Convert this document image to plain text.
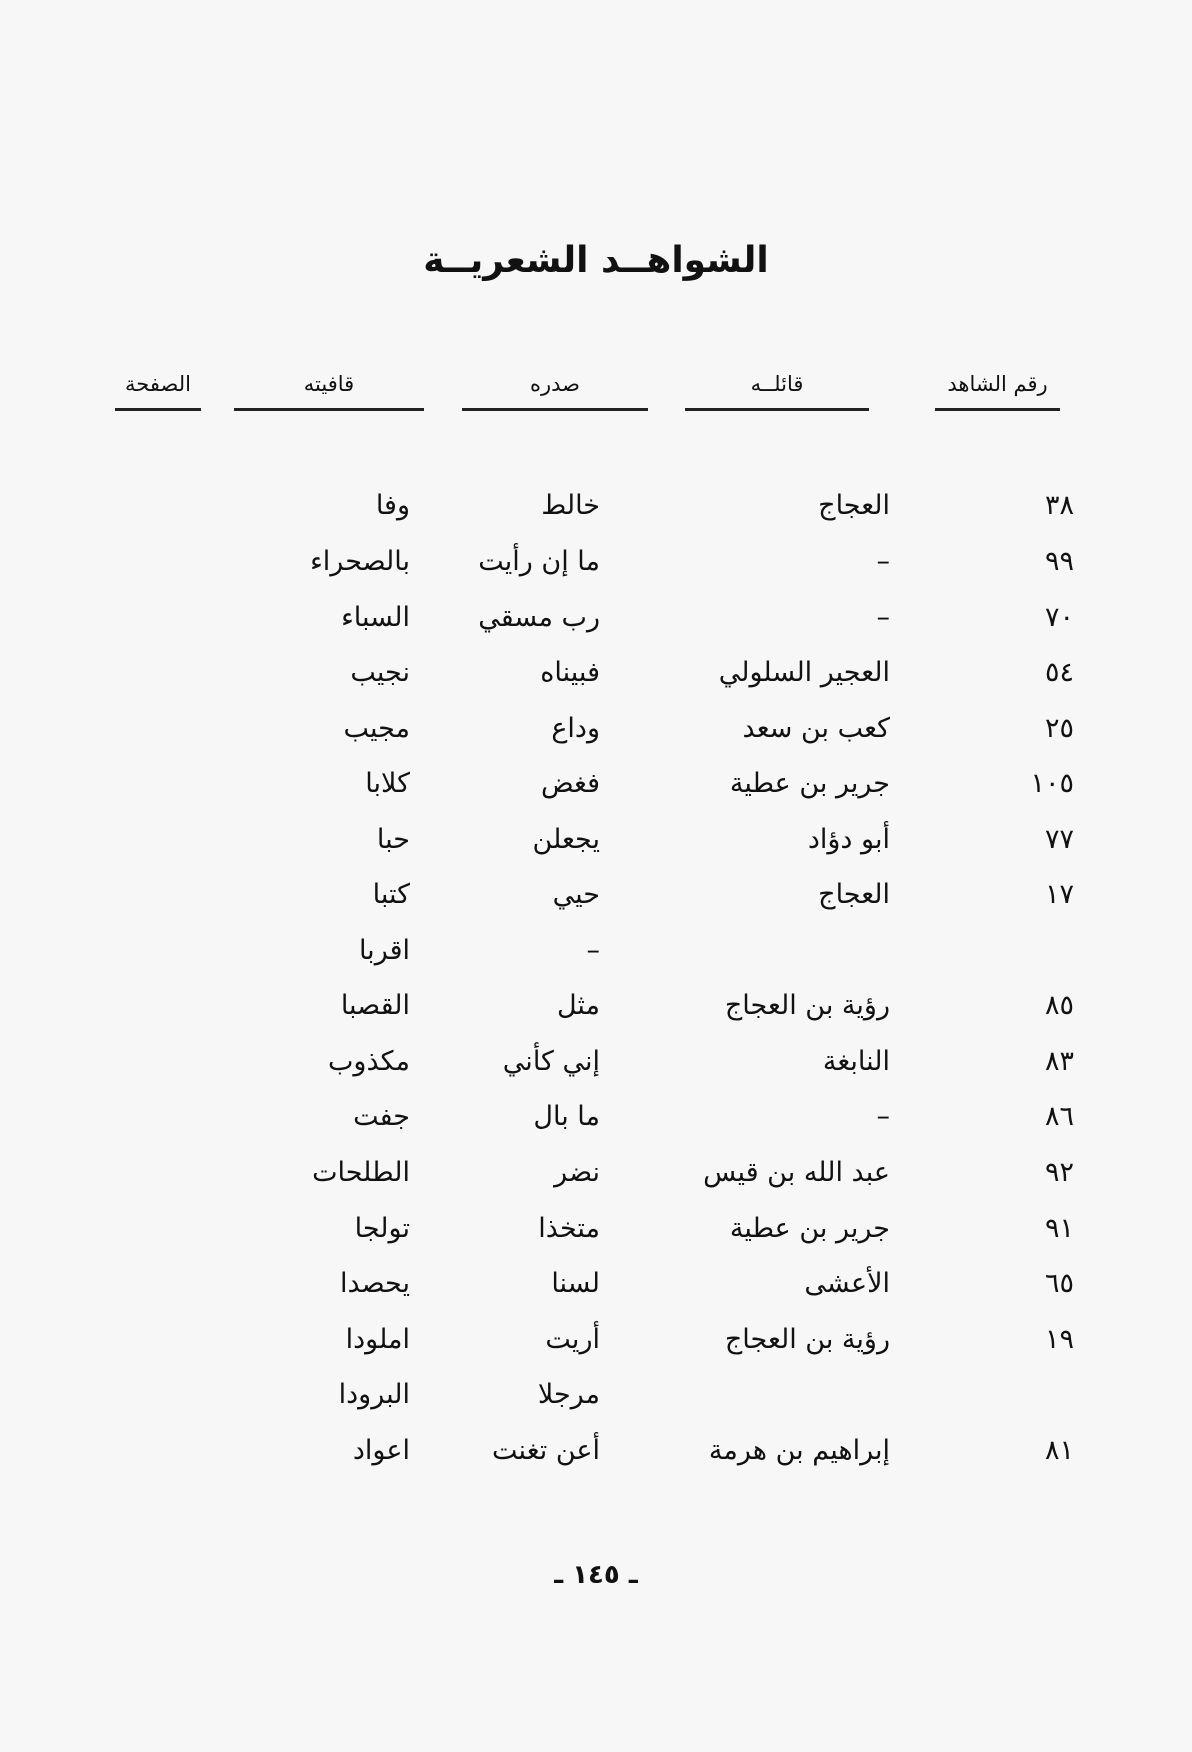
الشواهــد الشعريــة
رقم الشاهد
قائلــه
صدره
قافيته
الصفحة
٣٨
العجاج
خالط
وفا
٩٩
–
ما إن رأيت
بالصحراء
٧٠
–
رب مسقي
السباء
٥٤
العجير السلولي
فبيناه
نجيب
٢٥
كعب بن سعد
وداع
مجيب
١٠٥
جرير بن عطية
فغض
كلابا
٧٧
أبو دؤاد
يجعلن
حبا
١٧
العجاج
حيي
كتبا
–
اقربا
٨٥
رؤية بن العجاج
مثل
القصبا
٨٣
النابغة
إني كأني
مكذوب
٨٦
–
ما بال
جفت
٩٢
عبد الله بن قيس
نضر
الطلحات
٩١
جرير بن عطية
متخذا
تولجا
٦٥
الأعشى
لسنا
يحصدا
١٩
رؤية بن العجاج
أريت
املودا
مرجلا
البرودا
٨١
إبراهيم بن هرمة
أعن تغنت
اعواد
ـ ١٤٥ ـ
